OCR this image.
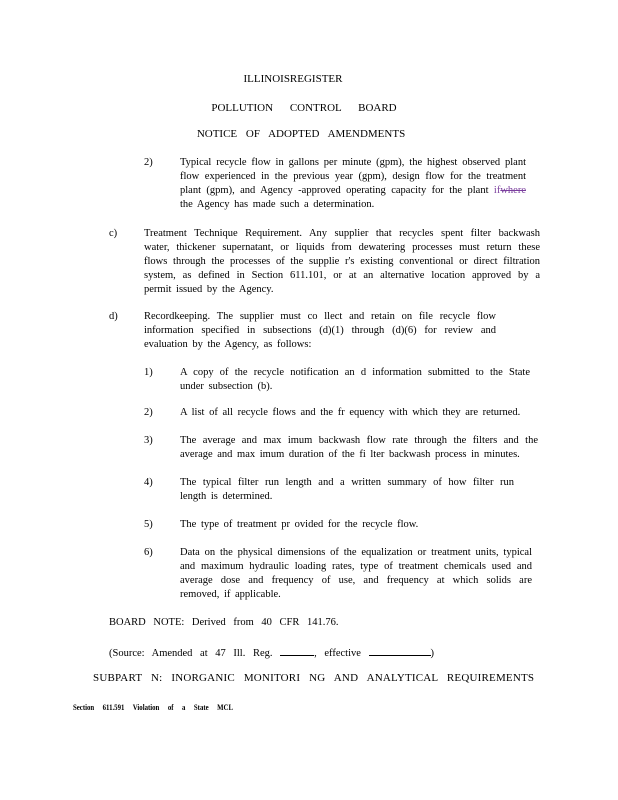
ILLINOISREGISTER
POLLUTION CONTROL BOARD
NOTICE OF ADOPTED AMENDMENTS
2)	Typical recycle flow in gallons per minute (gpm), the highest observed plant flow experienced in the previous year (gpm), design flow for the treatment plant (gpm), and Agency -approved operating capacity for the plant ifwhere the Agency has made such a determination.
c)	Treatment Technique Requirement. Any supplier that recycles spent filter backwash water, thickener supernatant, or liquids from dewatering processes must return these flows through the processes of the supplie r's existing conventional or direct filtration system, as defined in Section 611.101, or at an alternative location approved by a permit issued by the Agency.
d)	Recordkeeping. The supplier must co llect and retain on file recycle flow information specified in subsections (d)(1) through (d)(6) for review and evaluation by the Agency, as follows:
1)	A copy of the recycle notification an d information submitted to the State under subsection (b).
2)	A list of all recycle flows and the fr equency with which they are returned.
3)	The average and max imum backwash flow rate through the filters and the average and max imum duration of the fi lter backwash process in minutes.
4)	The typical filter run length and a written summary of how filter run length is determined.
5)	The type of treatment pr ovided for the recycle flow.
6)	Data on the physical dimensions of the equalization or treatment units, typical and maximum hydraulic loading rates, type of treatment chemicals used and average dose and frequency of use, and frequency at which solids are removed, if applicable.
BOARD NOTE: Derived from 40 CFR 141.76.
(Source: Amended at 47 Ill. Reg.	, effective	)
SUBPART N: INORGANIC MONITORI NG AND ANALYTICAL REQUIREMENTS
Section 611.591 Violation of a State MCL
